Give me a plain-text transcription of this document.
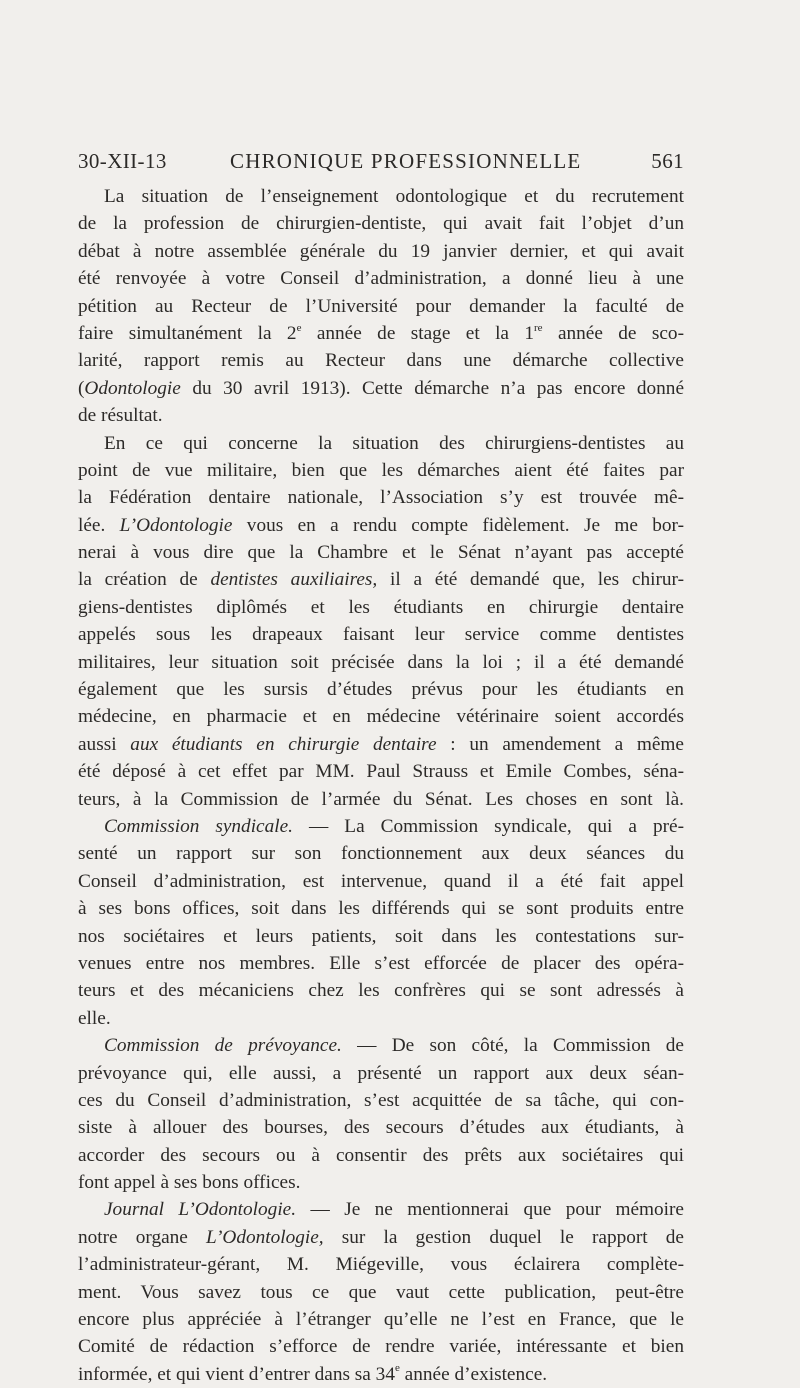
30-XII-13	CHRONIQUE PROFESSIONNELLE	561
La situation de l’enseignement odontologique et du recrutement
de la profession de chirurgien-dentiste, qui avait fait l’objet d’un
débat à notre assemblée générale du 19 janvier dernier, et qui avait
été renvoyée à votre Conseil d’administration, a donné lieu à une
pétition au Recteur de l’Université pour demander la faculté de
faire simultanément la 2e année de stage et la 1re année de sco-
larité, rapport remis au Recteur dans une démarche collective
(Odontologie du 30 avril 1913). Cette démarche n’a pas encore donné
de résultat.
En ce qui concerne la situation des chirurgiens-dentistes au
point de vue militaire, bien que les démarches aient été faites par
la Fédération dentaire nationale, l’Association s’y est trouvée mê-
lée. L’Odontologie vous en a rendu compte fidèlement. Je me bor-
nerai à vous dire que la Chambre et le Sénat n’ayant pas accepté
la création de dentistes auxiliaires, il a été demandé que, les chirur-
giens-dentistes diplômés et les étudiants en chirurgie dentaire
appelés sous les drapeaux faisant leur service comme dentistes
militaires, leur situation soit précisée dans la loi ; il a été demandé
également que les sursis d’études prévus pour les étudiants en
médecine, en pharmacie et en médecine vétérinaire soient accordés
aussi aux étudiants en chirurgie dentaire : un amendement a même
été déposé à cet effet par MM. Paul Strauss et Emile Combes, séna-
teurs, à la Commission de l’armée du Sénat. Les choses en sont là.
Commission syndicale. — La Commission syndicale, qui a pré-
senté un rapport sur son fonctionnement aux deux séances du
Conseil d’administration, est intervenue, quand il a été fait appel
à ses bons offices, soit dans les différends qui se sont produits entre
nos sociétaires et leurs patients, soit dans les contestations sur-
venues entre nos membres. Elle s’est efforcée de placer des opéra-
teurs et des mécaniciens chez les confrères qui se sont adressés à
elle.
Commission de prévoyance. — De son côté, la Commission de
prévoyance qui, elle aussi, a présenté un rapport aux deux séan-
ces du Conseil d’administration, s’est acquittée de sa tâche, qui con-
siste à allouer des bourses, des secours d’études aux étudiants, à
accorder des secours ou à consentir des prêts aux sociétaires qui
font appel à ses bons offices.
Journal L’Odontologie. — Je ne mentionnerai que pour mémoire
notre organe L’Odontologie, sur la gestion duquel le rapport de
l’administrateur-gérant, M. Miégeville, vous éclairera complète-
ment. Vous savez tous ce que vaut cette publication, peut-être
encore plus appréciée à l’étranger qu’elle ne l’est en France, que le
Comité de rédaction s’efforce de rendre variée, intéressante et bien
informée, et qui vient d’entrer dans sa 34e année d’existence.
